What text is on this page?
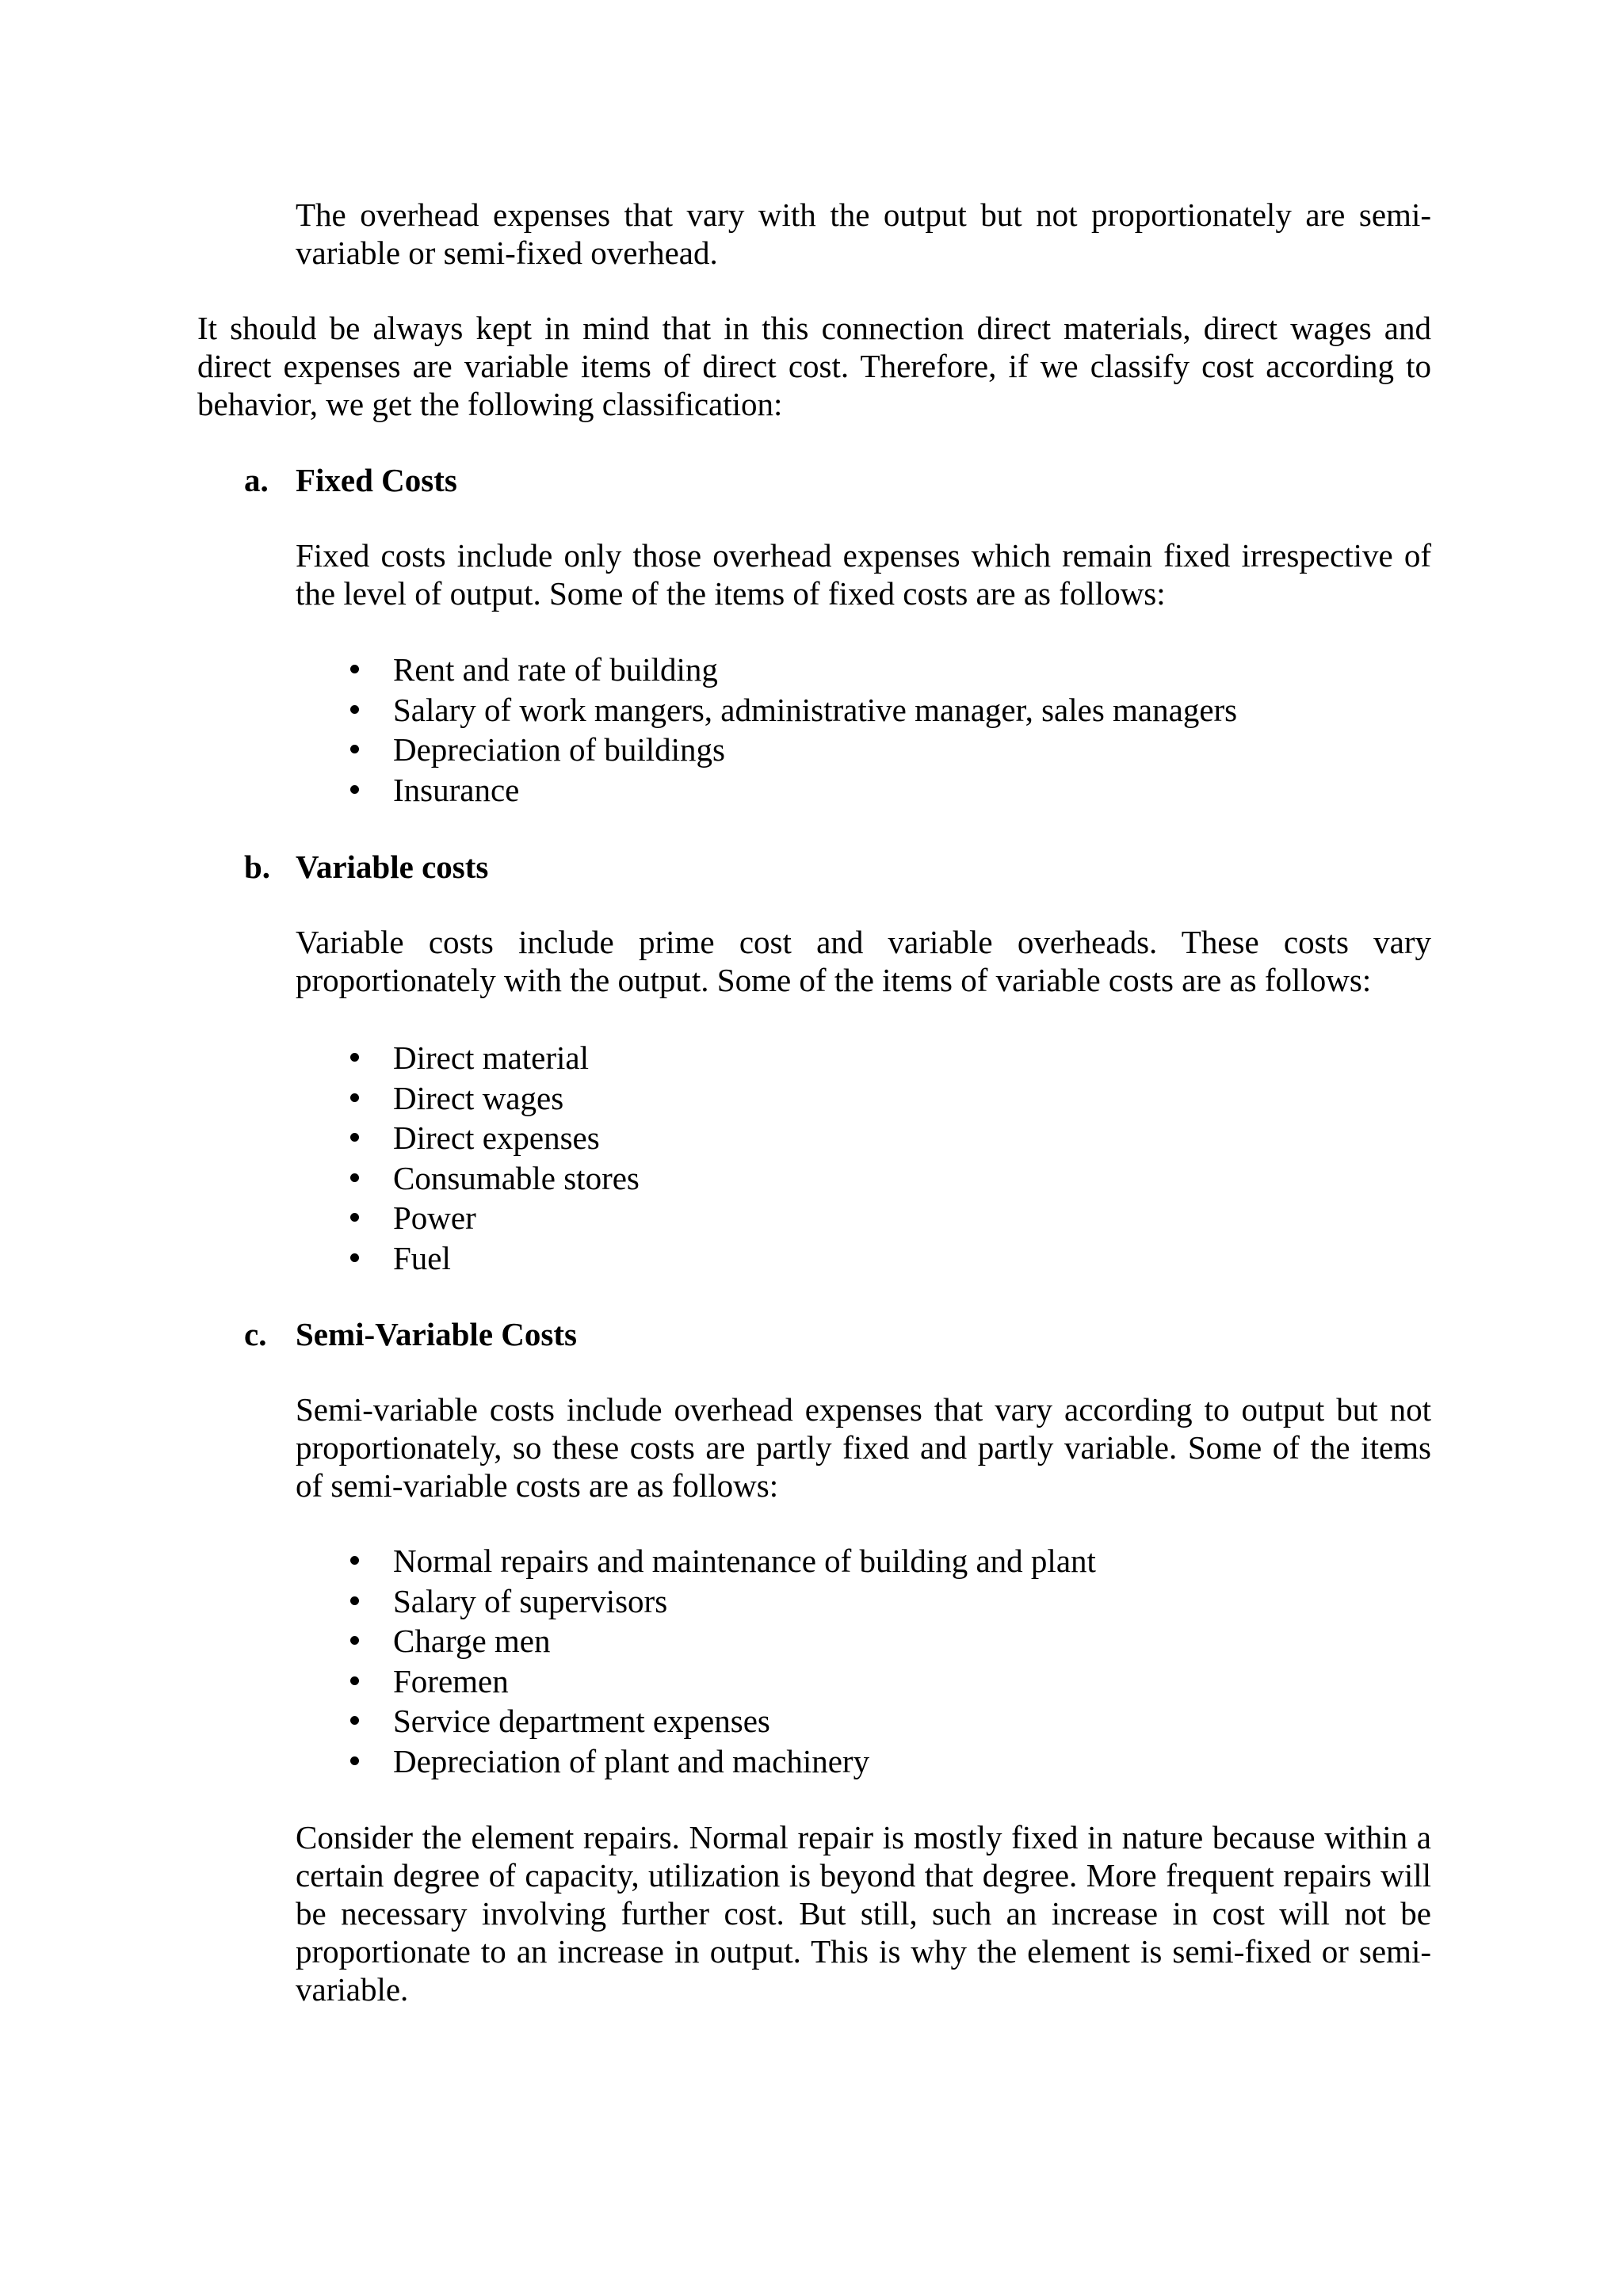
The overhead expenses that vary with the output but not proportionately are semi-variable or semi-fixed overhead.

It should be always kept in mind that in this connection direct materials, direct wages and direct expenses are variable items of direct cost. Therefore, if we classify cost according to behavior, we get the following classification:

a. Fixed Costs

Fixed costs include only those overhead expenses which remain fixed irrespective of the level of output. Some of the items of fixed costs are as follows:

Rent and rate of building
Salary of work mangers, administrative manager, sales managers
Depreciation of buildings
Insurance
b. Variable costs

Variable costs include prime cost and variable overheads. These costs vary proportionately with the output. Some of the items of variable costs are as follows:

Direct material
Direct wages
Direct expenses
Consumable stores
Power
Fuel
c. Semi-Variable Costs

Semi-variable costs include overhead expenses that vary according to output but not proportionately, so these costs are partly fixed and partly variable. Some of the items of semi-variable costs are as follows:

Normal repairs and maintenance of building and plant
Salary of supervisors
Charge men
Foremen
Service department expenses
Depreciation of plant and machinery

Consider the element repairs. Normal repair is mostly fixed in nature because within a certain degree of capacity, utilization is beyond that degree. More frequent repairs will be necessary involving further cost. But still, such an increase in cost will not be proportionate to an increase in output. This is why the element is semi-fixed or semi-variable.
